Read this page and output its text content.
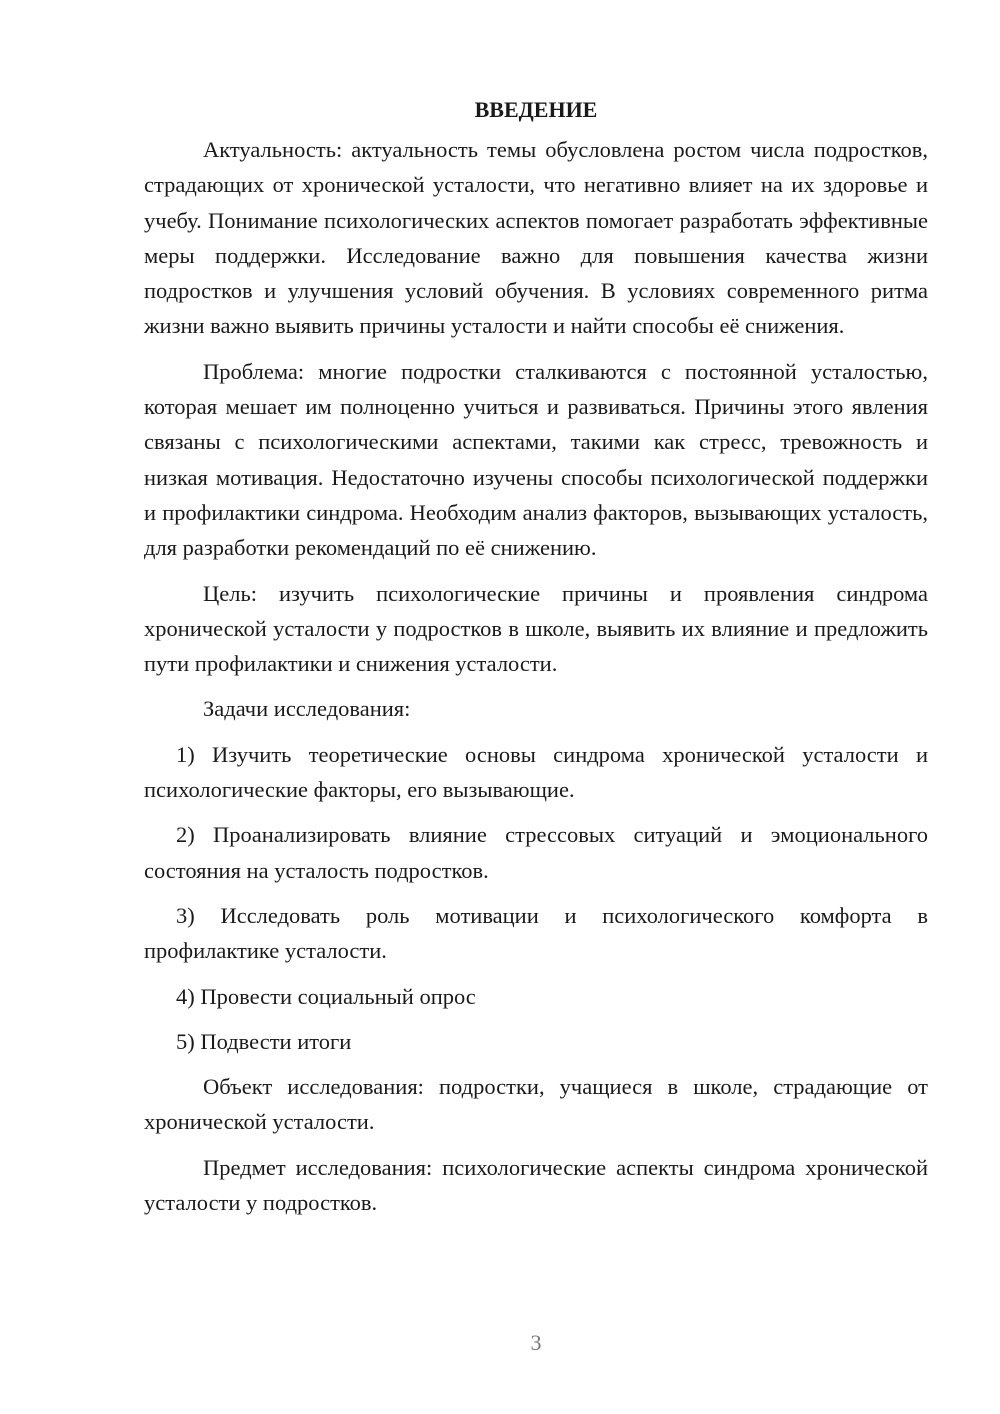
ВВЕДЕНИЕ

Актуальность: актуальность темы обусловлена ростом числа подростков, страдающих от хронической усталости, что негативно влияет на их здоровье и учебу. Понимание психологических аспектов помогает разработать эффективные меры поддержки. Исследование важно для повышения качества жизни подростков и улучшения условий обучения. В условиях современного ритма жизни важно выявить причины усталости и найти способы её снижения.

Проблема: многие подростки сталкиваются с постоянной усталостью, которая мешает им полноценно учиться и развиваться. Причины этого явления связаны с психологическими аспектами, такими как стресс, тревожность и низкая мотивация. Недостаточно изучены способы психологической поддержки и профилактики синдрома. Необходим анализ факторов, вызывающих усталость, для разработки рекомендаций по её снижению.

Цель: изучить психологические причины и проявления синдрома хронической усталости у подростков в школе, выявить их влияние и предложить пути профилактики и снижения усталости.

Задачи исследования:

1) Изучить теоретические основы синдрома хронической усталости и психологические факторы, его вызывающие.

2) Проанализировать влияние стрессовых ситуаций и эмоционального состояния на усталость подростков.

3) Исследовать роль мотивации и психологического комфорта в профилактике усталости.

4) Провести социальный опрос

5) Подвести итоги

Объект исследования: подростки, учащиеся в школе, страдающие от хронической усталости.

Предмет исследования: психологические аспекты синдрома хронической усталости у подростков.

3
